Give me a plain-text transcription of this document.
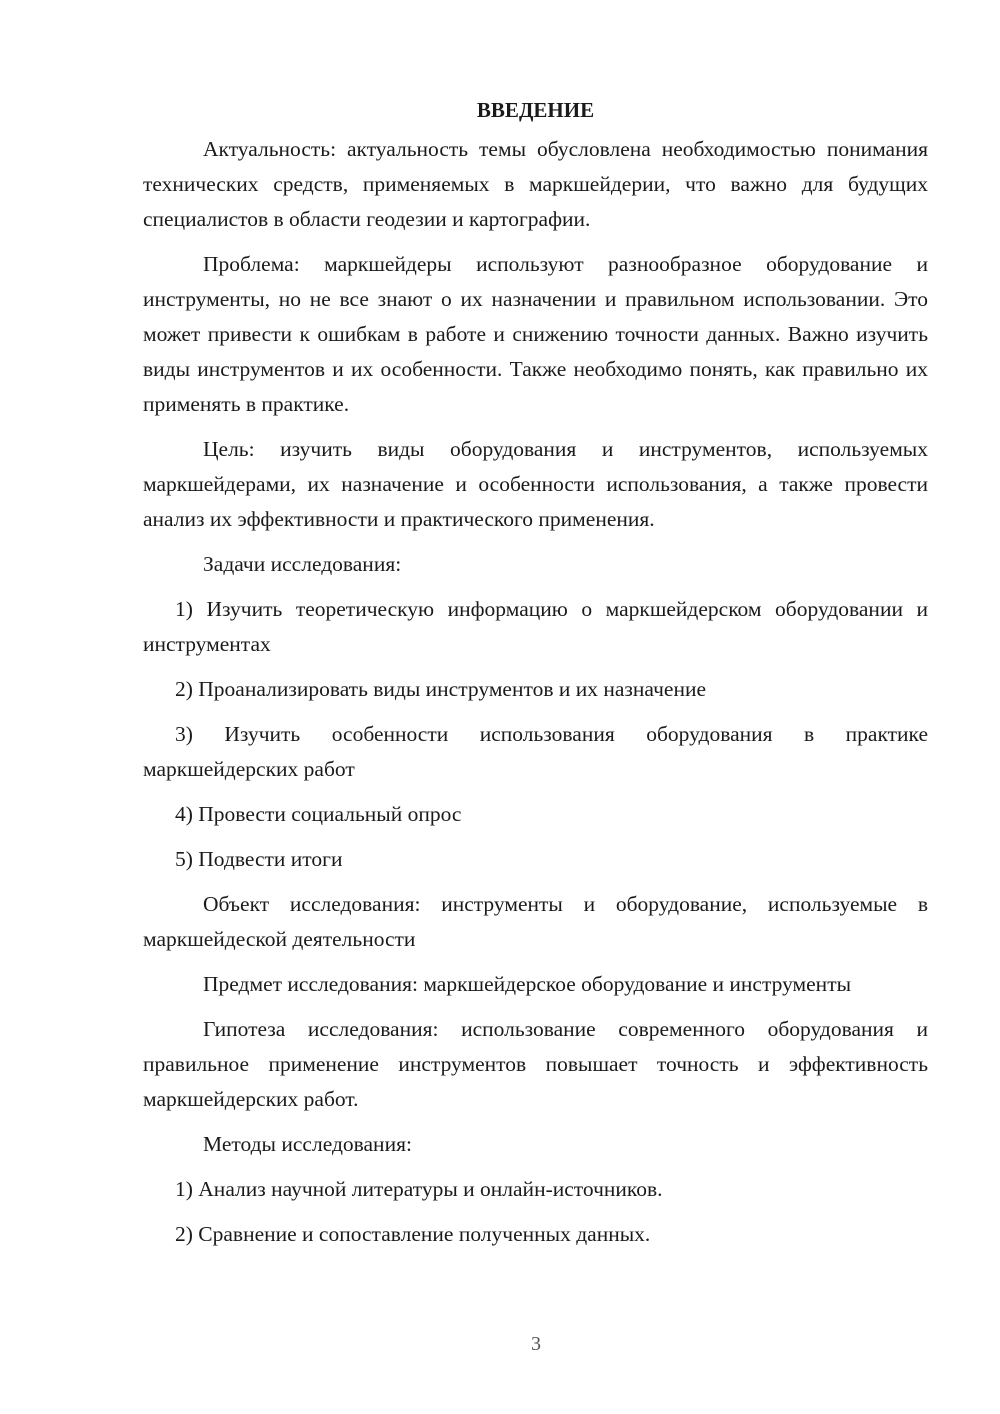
ВВЕДЕНИЕ

Актуальность: актуальность темы обусловлена необходимостью понимания технических средств, применяемых в маркшейдерии, что важно для будущих специалистов в области геодезии и картографии.

Проблема: маркшейдеры используют разнообразное оборудование и инструменты, но не все знают о их назначении и правильном использовании. Это может привести к ошибкам в работе и снижению точности данных. Важно изучить виды инструментов и их особенности. Также необходимо понять, как правильно их применять в практике.

Цель: изучить виды оборудования и инструментов, используемых маркшейдерами, их назначение и особенности использования, а также провести анализ их эффективности и практического применения.

Задачи исследования:

1) Изучить теоретическую информацию о маркшейдерском оборудовании и инструментах

2) Проанализировать виды инструментов и их назначение

3) Изучить особенности использования оборудования в практике маркшейдерских работ

4) Провести социальный опрос

5) Подвести итоги

Объект исследования: инструменты и оборудование, используемые в маркшейдеской деятельности

Предмет исследования: маркшейдерское оборудование и инструменты

Гипотеза исследования: использование современного оборудования и правильное применение инструментов повышает точность и эффективность маркшейдерских работ.

Методы исследования:

1) Анализ научной литературы и онлайн-источников.

2) Сравнение и сопоставление полученных данных.

3
